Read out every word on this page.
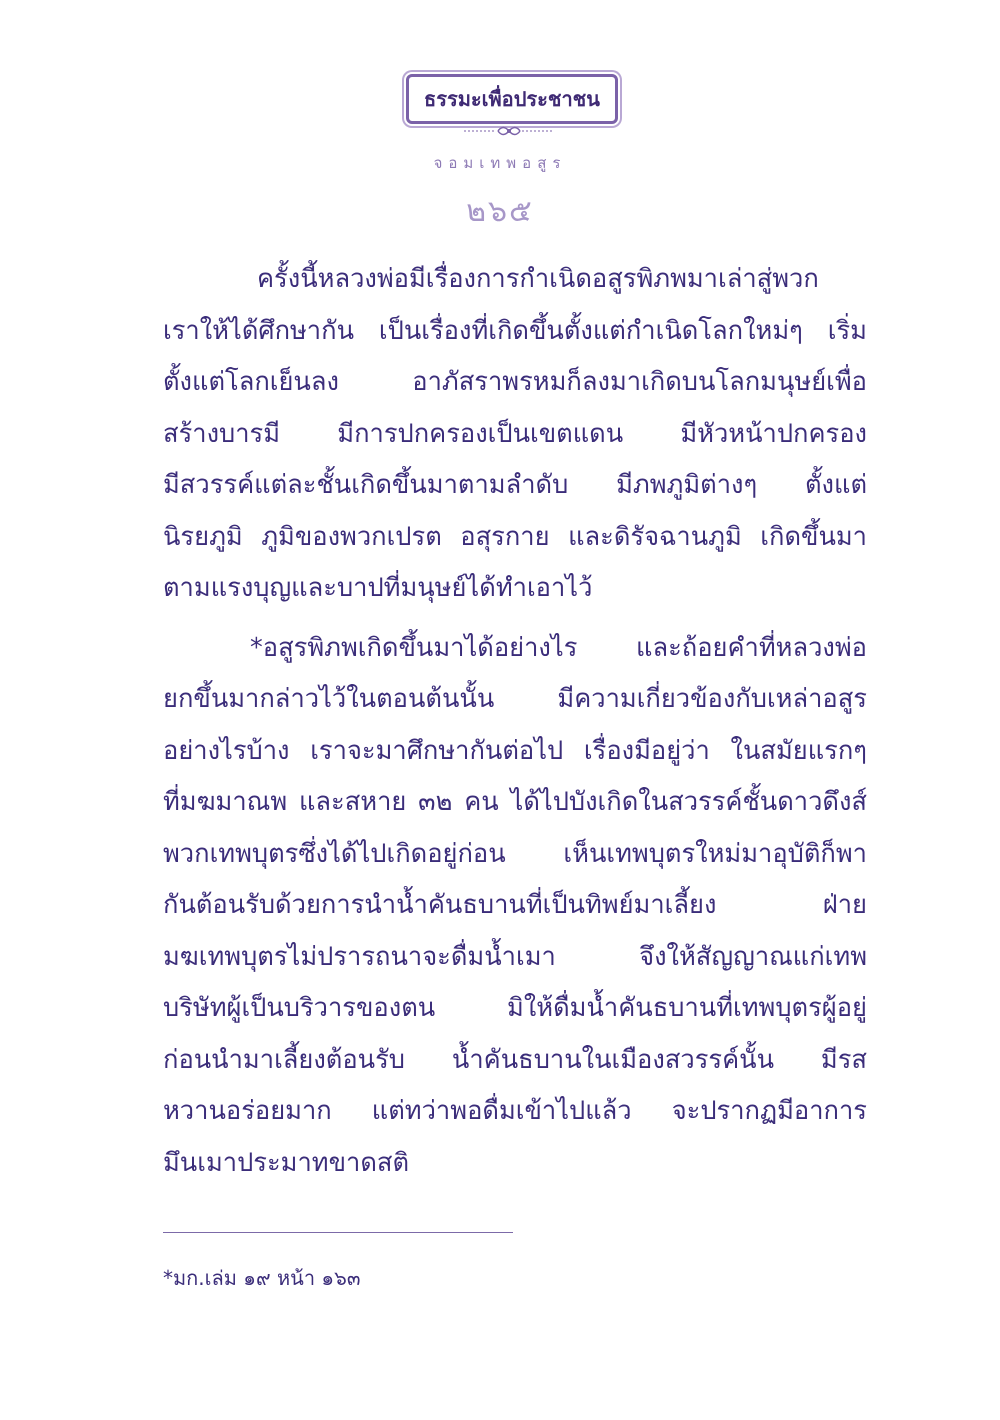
ธรรมะเพื่อประชาชน
จอมเทพอสูร
๒๖๕
ครั้งนี้หลวงพ่อมีเรื่องการกำเนิดอสูรพิภพมาเล่าสู่พวก
เราให้ได้ศึกษากัน เป็นเรื่องที่เกิดขึ้นตั้งแต่กำเนิดโลกใหม่ๆ เริ่ม
ตั้งแต่โลกเย็นลง อาภัสราพรหมก็ลงมาเกิดบนโลกมนุษย์เพื่อ
สร้างบารมี มีการปกครองเป็นเขตแดน มีหัวหน้าปกครอง
มีสวรรค์แต่ละชั้นเกิดขึ้นมาตามลำดับ มีภพภูมิต่างๆ ตั้งแต่
นิรยภูมิ ภูมิของพวกเปรต อสุรกาย และดิรัจฉานภูมิ เกิดขึ้นมา
ตามแรงบุญและบาปที่มนุษย์ได้ทำเอาไว้
*อสูรพิภพเกิดขึ้นมาได้อย่างไร และถ้อยคำที่หลวงพ่อ
ยกขึ้นมากล่าวไว้ในตอนต้นนั้น มีความเกี่ยวข้องกับเหล่าอสูร
อย่างไรบ้าง เราจะมาศึกษากันต่อไป เรื่องมีอยู่ว่า ในสมัยแรกๆ
ที่มฆมาณพ และสหาย ๓๒ คน ได้ไปบังเกิดในสวรรค์ชั้นดาวดึงส์
พวกเทพบุตรซึ่งได้ไปเกิดอยู่ก่อน เห็นเทพบุตรใหม่มาอุบัติก็พา
กันต้อนรับด้วยการนำน้ำคันธบานที่เป็นทิพย์มาเลี้ยง ฝ่าย
มฆเทพบุตรไม่ปรารถนาจะดื่มน้ำเมา จึงให้สัญญาณแก่เทพ
บริษัทผู้เป็นบริวารของตน มิให้ดื่มน้ำคันธบานที่เทพบุตรผู้อยู่
ก่อนนำมาเลี้ยงต้อนรับ น้ำคันธบานในเมืองสวรรค์นั้น มีรส
หวานอร่อยมาก แต่ทว่าพอดื่มเข้าไปแล้ว จะปรากฏมีอาการ
มึนเมาประมาทขาดสติ
*มก.เล่ม ๑๙ หน้า ๑๖๓
